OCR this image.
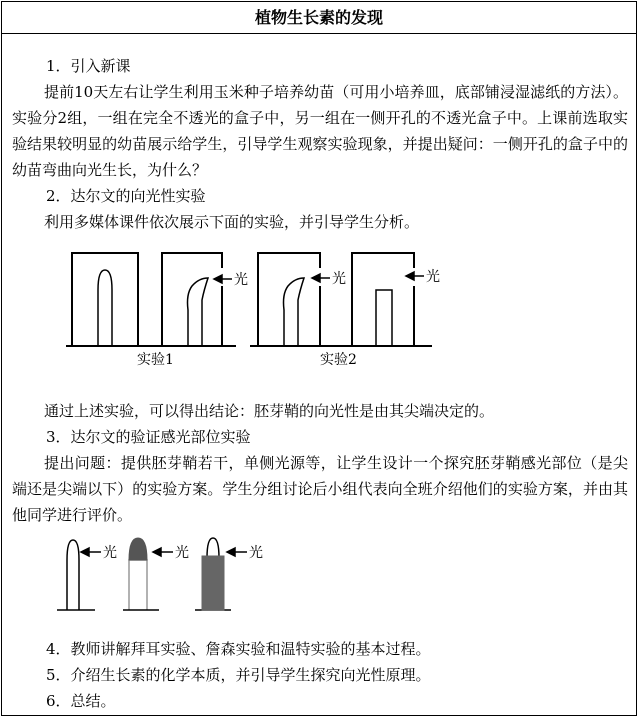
植物生长素的发现

1．引入新课

提前10天左右让学生利用玉米种子培养幼苗（可用小培养皿，底部铺浸湿滤纸的方法）。实验分2组，一组在完全不透光的盒子中，另一组在一侧开孔的不透光盒子中。上课前选取实验结果较明显的幼苗展示给学生，引导学生观察实验现象，并提出疑问：一侧开孔的盒子中的幼苗弯曲向光生长，为什么？

2．达尔文的向光性实验

利用多媒体课件依次展示下面的实验，并引导学生分析。

光	光	光
实验1	实验2

通过上述实验，可以得出结论：胚芽鞘的向光性是由其尖端决定的。

3．达尔文的验证感光部位实验

提出问题：提供胚芽鞘若干，单侧光源等，让学生设计一个探究胚芽鞘感光部位（是尖端还是尖端以下）的实验方案。学生分组讨论后小组代表向全班介绍他们的实验方案，并由其他同学进行评价。

光	光	光

4．教师讲解拜耳实验、詹森实验和温特实验的基本过程。

5．介绍生长素的化学本质，并引导学生探究向光性原理。

6．总结。
